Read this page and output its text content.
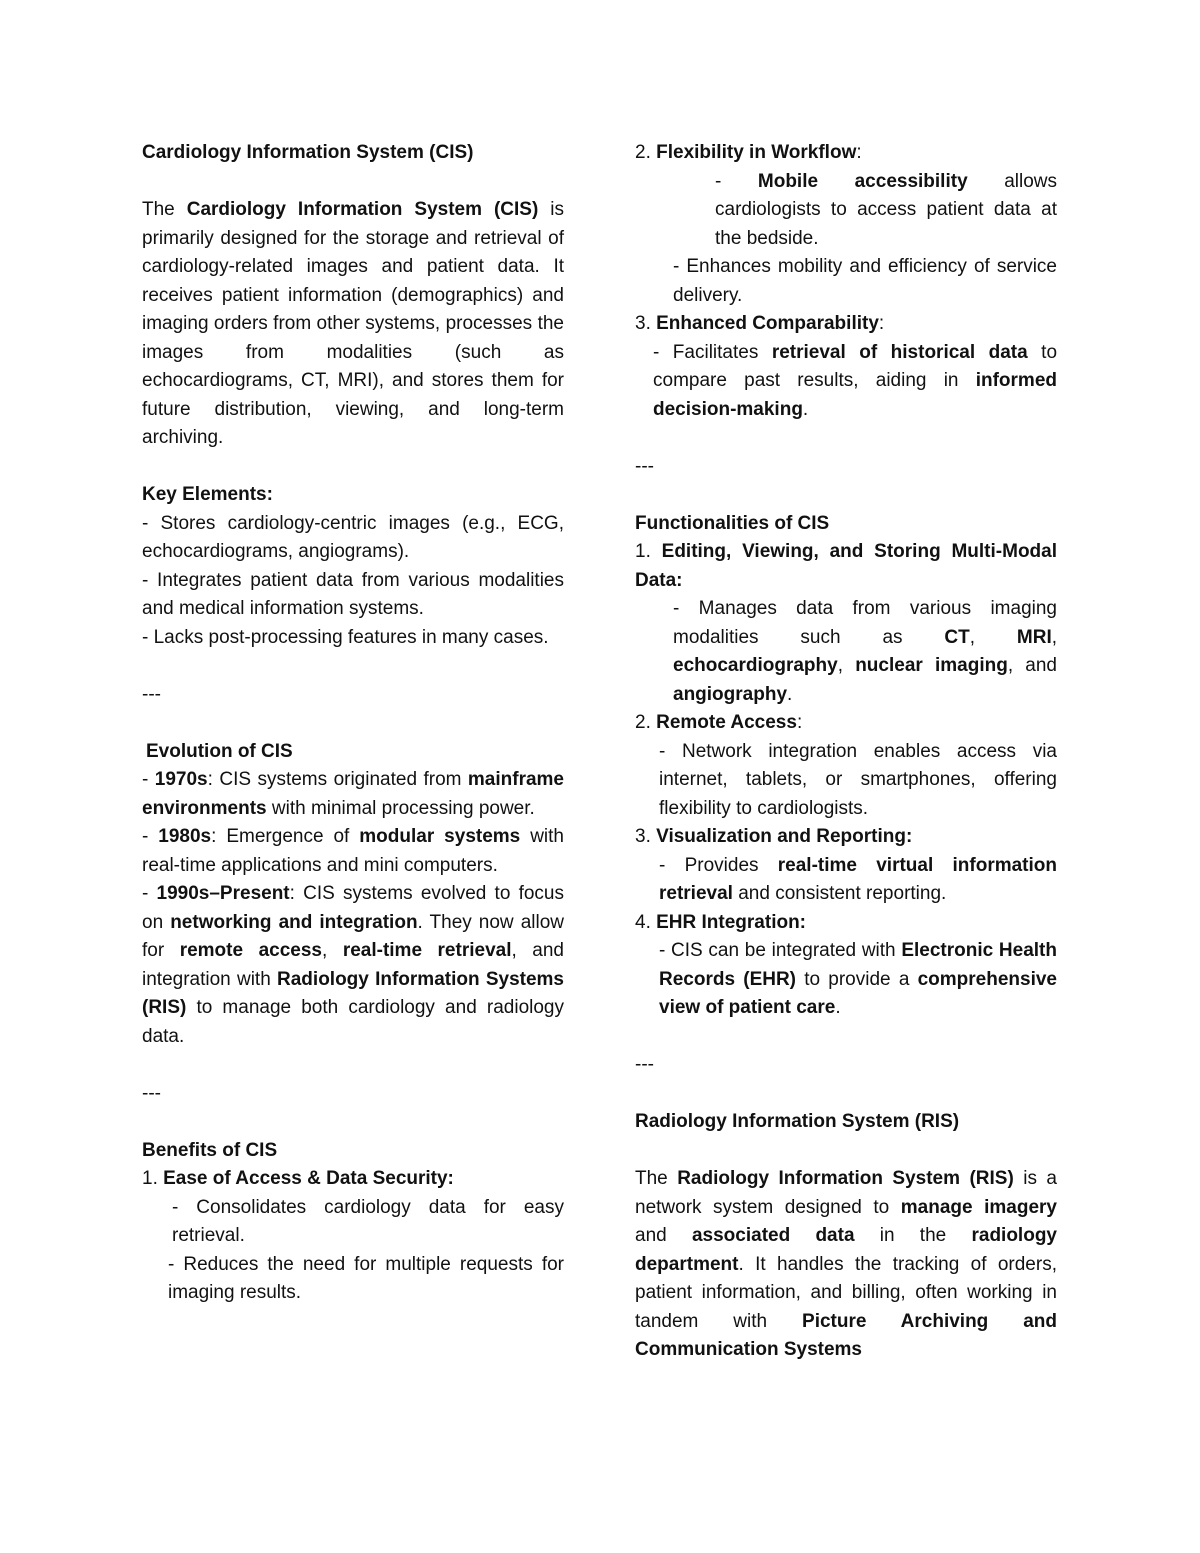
Cardiology Information System (CIS)

The Cardiology Information System (CIS) is primarily designed for the storage and retrieval of cardiology-related images and patient data. It receives patient information (demographics) and imaging orders from other systems, processes the images from modalities (such as echocardiograms, CT, MRI), and stores them for future distribution, viewing, and long-term archiving.

Key Elements:

- Stores cardiology-centric images (e.g., ECG, echocardiograms, angiograms).

- Integrates patient data from various modalities and medical information systems.

- Lacks post-processing features in many cases.

---

Evolution of CIS

- 1970s: CIS systems originated from mainframe environments with minimal processing power.

- 1980s: Emergence of modular systems with real-time applications and mini computers.

- 1990s–Present: CIS systems evolved to focus on networking and integration. They now allow for remote access, real-time retrieval, and integration with Radiology Information Systems (RIS) to manage both cardiology and radiology data.

---

Benefits of CIS

1. Ease of Access & Data Security:

- Consolidates cardiology data for easy retrieval.

- Reduces the need for multiple requests for imaging results.

2. Flexibility in Workflow:

- Mobile accessibility allows cardiologists to access patient data at the bedside.

- Enhances mobility and efficiency of service delivery.

3. Enhanced Comparability:

- Facilitates retrieval of historical data to compare past results, aiding in informed decision-making.

---

Functionalities of CIS

1. Editing, Viewing, and Storing Multi-Modal Data:

- Manages data from various imaging modalities such as CT, MRI, echocardiography, nuclear imaging, and angiography.

2. Remote Access:

- Network integration enables access via internet, tablets, or smartphones, offering flexibility to cardiologists.

3. Visualization and Reporting:

- Provides real-time virtual information retrieval and consistent reporting.

4. EHR Integration:

- CIS can be integrated with Electronic Health Records (EHR) to provide a comprehensive view of patient care.

---

Radiology Information System (RIS)

The Radiology Information System (RIS) is a network system designed to manage imagery and associated data in the radiology department. It handles the tracking of orders, patient information, and billing, often working in tandem with Picture Archiving and Communication Systems
